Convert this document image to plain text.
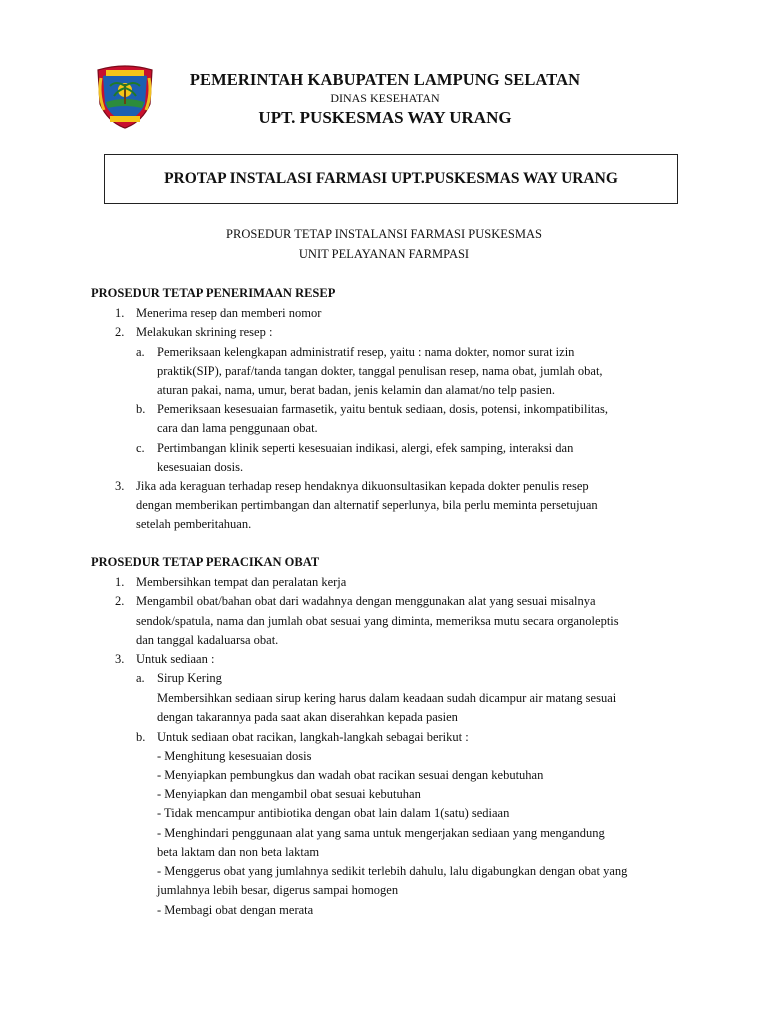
PEMERINTAH KABUPATEN LAMPUNG SELATAN
DINAS KESEHATAN
UPT. PUSKESMAS WAY URANG
PROTAP INSTALASI FARMASI UPT.PUSKESMAS WAY URANG
PROSEDUR TETAP INSTALANSI FARMASI PUSKESMAS
UNIT PELAYANAN FARMPASI
PROSEDUR TETAP PENERIMAAN RESEP
1. Menerima resep dan memberi nomor
2. Melakukan skrining resep :
a. Pemeriksaan kelengkapan administratif resep, yaitu : nama dokter, nomor surat izin
praktik(SIP), paraf/tanda tangan dokter, tanggal penulisan resep, nama obat, jumlah obat,
aturan pakai, nama, umur, berat badan, jenis kelamin dan alamat/no telp pasien.
b. Pemeriksaan kesesuaian farmasetik, yaitu bentuk sediaan, dosis, potensi, inkompatibilitas,
cara dan lama penggunaan obat.
c. Pertimbangan klinik seperti kesesuaian indikasi, alergi, efek samping, interaksi dan
kesesuaian dosis.
3. Jika ada keraguan terhadap resep hendaknya dikuonsultasikan kepada dokter penulis resep
dengan memberikan pertimbangan dan alternatif seperlunya, bila perlu meminta persetujuan
setelah pemberitahuan.
PROSEDUR TETAP PERACIKAN OBAT
1. Membersihkan tempat dan peralatan kerja
2. Mengambil obat/bahan obat dari wadahnya dengan menggunakan alat yang sesuai misalnya
sendok/spatula, nama dan jumlah obat sesuai yang diminta, memeriksa mutu secara organoleptis
dan tanggal kadaluarsa obat.
3. Untuk sediaan :
a. Sirup Kering
Membersihkan sediaan sirup kering harus dalam keadaan sudah dicampur air matang sesuai
dengan takarannya pada saat akan diserahkan kepada pasien
b. Untuk sediaan obat racikan, langkah-langkah sebagai berikut :
- Menghitung kesesuaian dosis
- Menyiapkan pembungkus dan wadah obat racikan sesuai dengan kebutuhan
- Menyiapkan dan mengambil obat sesuai kebutuhan
- Tidak mencampur antibiotika dengan obat lain dalam 1(satu) sediaan
- Menghindari penggunaan alat yang sama untuk mengerjakan sediaan yang mengandung
beta laktam dan non beta laktam
- Menggerus obat yang jumlahnya sedikit terlebih dahulu, lalu digabungkan dengan obat yang
jumlahnya lebih besar, digerus sampai homogen
- Membagi obat dengan merata
